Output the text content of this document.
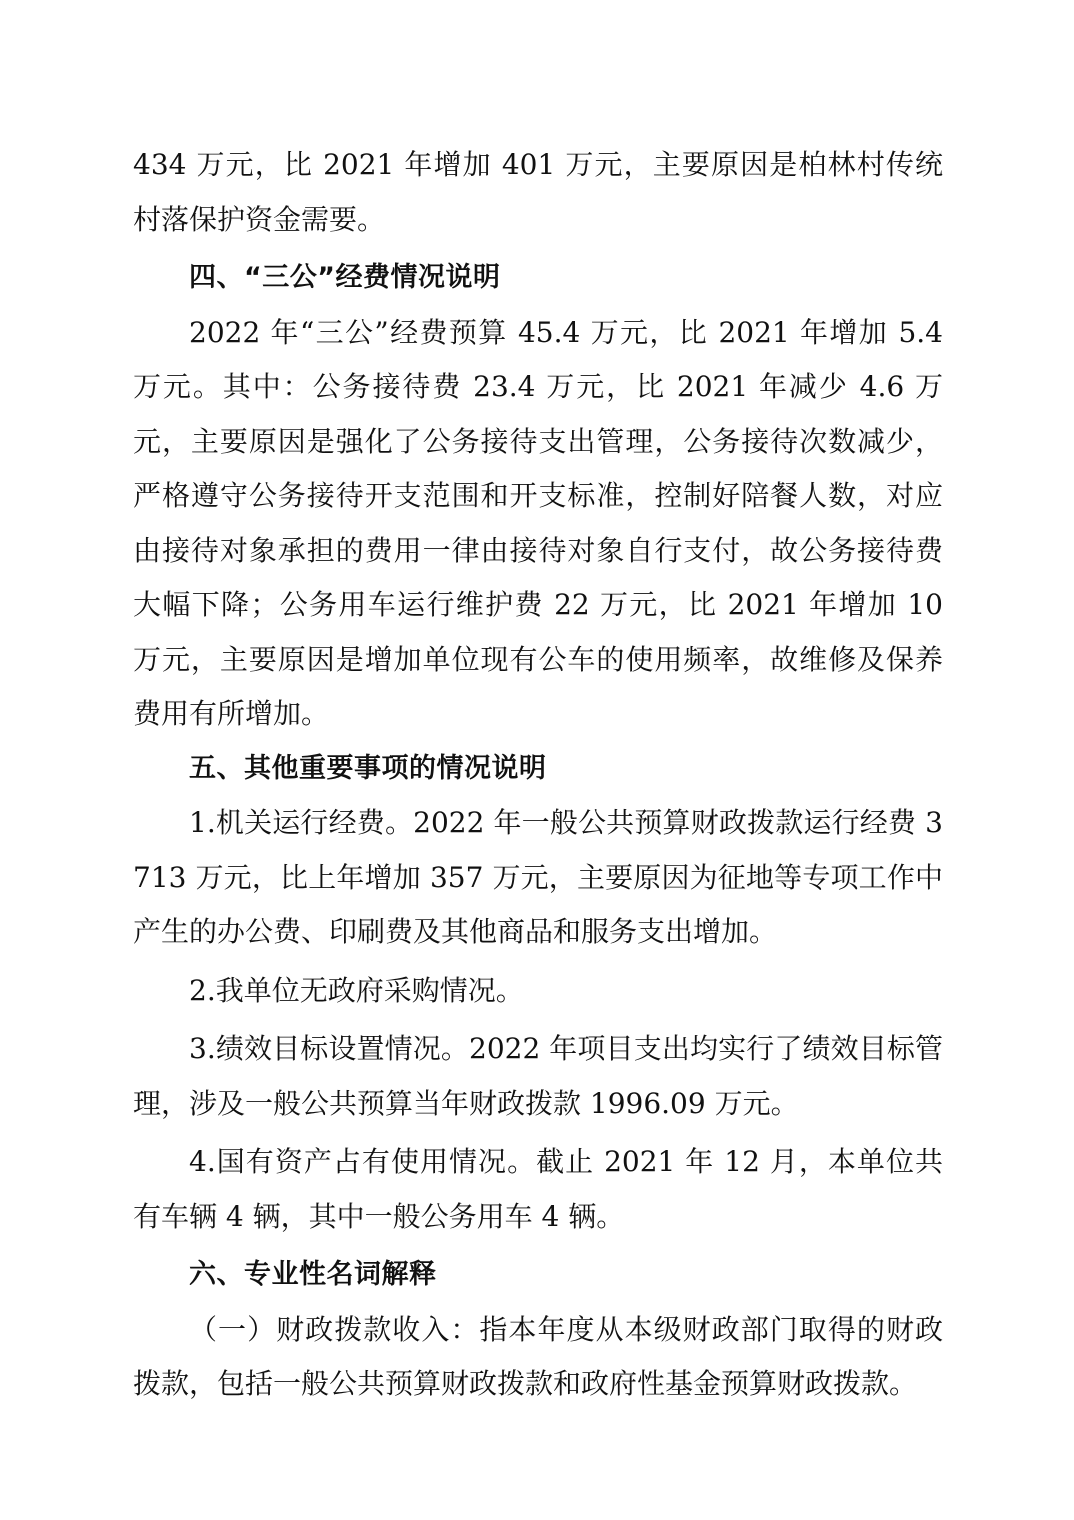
434 万元，比 2021 年增加 401 万元，主要原因是柏林村传统村落保护资金需要。

四、“三公”经费情况说明

2022 年“三公”经费预算 45.4 万元，比 2021 年增加 5.4 万元。其中：公务接待费 23.4 万元，比 2021 年减少 4.6 万元，主要原因是强化了公务接待支出管理，公务接待次数减少，严格遵守公务接待开支范围和开支标准，控制好陪餐人数，对应由接待对象承担的费用一律由接待对象自行支付，故公务接待费大幅下降；公务用车运行维护费 22 万元，比 2021 年增加 10 万元，主要原因是增加单位现有公车的使用频率，故维修及保养费用有所增加。

五、其他重要事项的情况说明

1.机关运行经费。2022 年一般公共预算财政拨款运行经费 3713 万元，比上年增加 357 万元，主要原因为征地等专项工作中产生的办公费、印刷费及其他商品和服务支出增加。

2.我单位无政府采购情况。

3.绩效目标设置情况。2022 年项目支出均实行了绩效目标管理，涉及一般公共预算当年财政拨款 1996.09 万元。

4.国有资产占有使用情况。截止 2021 年 12 月，本单位共有车辆 4 辆，其中一般公务用车 4 辆。

六、专业性名词解释

（一）财政拨款收入：指本年度从本级财政部门取得的财政拨款，包括一般公共预算财政拨款和政府性基金预算财政拨款。
